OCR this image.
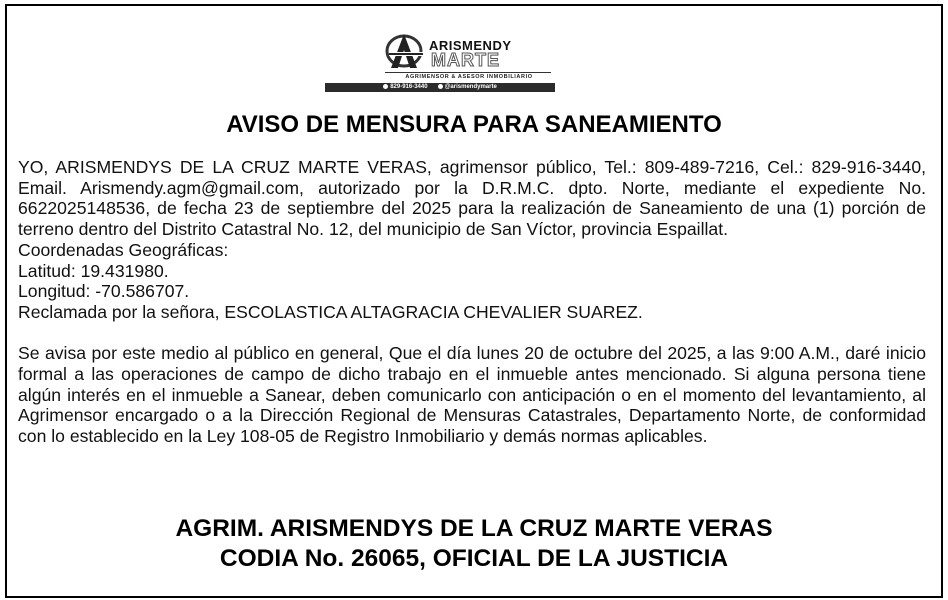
ARISMENDY
MARTE
AGRIMENSOR & ASESOR INMOBILIARIO
829-916-3440	@arismendymarte
AVISO DE MENSURA PARA SANEAMIENTO

YO, ARISMENDYS DE LA CRUZ MARTE VERAS, agrimensor público, Tel.: 809-489-7216, Cel.: 829-916-3440, Email. Arismendy.agm@gmail.com, autorizado por la D.R.M.C. dpto. Norte, mediante el expediente No. 6622025148536, de fecha 23 de septiembre del 2025 para la realización de Saneamiento de una (1) porción de terreno dentro del Distrito Catastral No. 12, del municipio de San Víctor, provincia Espaillat.

Coordenadas Geográficas:

Latitud: 19.431980.

Longitud: -70.586707.

Reclamada por la señora, ESCOLASTICA ALTAGRACIA CHEVALIER SUAREZ.

Se avisa por este medio al público en general, Que el día lunes 20 de octubre del 2025, a las 9:00 A.M., daré inicio formal a las operaciones de campo de dicho trabajo en el inmueble antes mencionado. Si alguna persona tiene algún interés en el inmueble a Sanear, deben comunicarlo con anticipación o en el momento del levantamiento, al Agrimensor encargado o a la Dirección Regional de Mensuras Catastrales, Departamento Norte, de conformidad con lo establecido en la Ley 108-05 de Registro Inmobiliario y demás normas aplicables.

AGRIM. ARISMENDYS DE LA CRUZ MARTE VERAS
CODIA No. 26065, OFICIAL DE LA JUSTICIA
